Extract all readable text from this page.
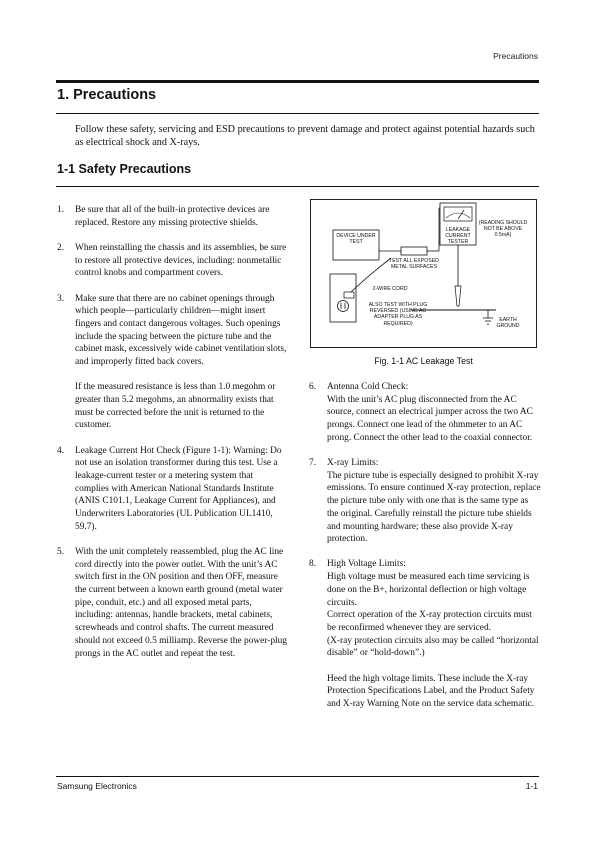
Precautions
1. Precautions
Follow these safety, servicing and ESD precautions to prevent damage and protect against potential hazards such as electrical shock and X-rays.
1-1 Safety Precautions
1.	Be sure that all of the built-in protective devices are replaced. Restore any missing protective shields.
2.	When reinstalling the chassis and its assemblies, be sure to restore all protective devices, including: nonmetallic control knobs and compartment covers.
3.	Make sure that there are no cabinet openings through which people—particularly children—might insert fingers and contact dangerous voltages. Such openings include the spacing between the picture tube and the cabinet mask, excessively wide cabinet ventilation slots, and improperly fitted back covers.
If the measured resistance is less than 1.0 megohm or greater than 5.2 megohms, an abnormality exists that must be corrected before the unit is returned to the customer.
4.	Leakage Current Hot Check (Figure 1-1): Warning: Do not use an isolation transformer during this test. Use a leakage-current tester or a metering system that complies with American National Standards Institute (ANIS C101.1, Leakage Current for Appliances), and Underwriters Laboratories (UL Publication UL1410, 59.7).
5.	With the unit completely reassembled, plug the AC line cord directly into the power outlet. With the unit’s AC switch first in the ON position and then OFF, measure the current between a known earth ground (metal water pipe, conduit, etc.) and all exposed metal parts, including: antennas, handle brackets, metal cabinets, screwheads and control shafts. The current measured should not exceed 0.5 milliamp. Reverse the power-plug prongs in the AC outlet and repeat the test.
DEVICE UNDER TEST
TEST ALL EXPOSED METAL SURFACES
2-WIRE CORD
ALSO TEST WITH PLUG REVERSED (USING AC ADAPTER PLUG AS REQUIRED)
LEAKAGE CURRENT TESTER
(READING SHOULD NOT BE ABOVE 0.5mA)
EARTH GROUND
Fig. 1-1 AC Leakage Test
6.	Antenna Cold Check:
With the unit’s AC plug disconnected from the AC source, connect an electrical jumper across the two AC prongs. Connect one lead of the ohmmeter to an AC prong. Connect the other lead to the coaxial connector.
7.	X-ray Limits:
The picture tube is especially designed to prohibit X-ray emissions. To ensure continued X-ray protection, replace the picture tube only with one that is the same type as the original. Carefully reinstall the picture tube shields and mounting hardware; these also provide X-ray protection.
8.	High Voltage Limits:
High voltage must be measured each time servicing is done on the B+, horizontal deflection or high voltage circuits.
Correct operation of the X-ray protection circuits must be reconfirmed whenever they are serviced.
(X-ray protection circuits also may be called “horizontal disable” or “hold-down”.)
Heed the high voltage limits. These include the X-ray Protection Specifications Label, and the Product Safety and X-ray Warning Note on the service data schematic.
Samsung Electronics	1-1
